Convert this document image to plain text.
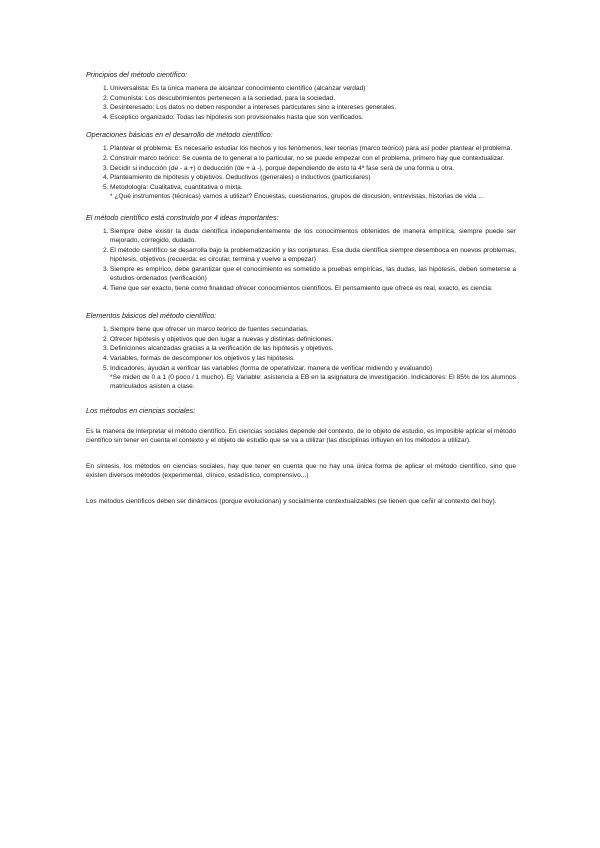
Principios del método científico:
1. Universalista: Es la única manera de alcanzar conocimiento científico (alcanzar verdad)
2. Comunista: Los descubrimientos pertenecen a la sociedad, para la sociedad.
3. Desinteresado: Los datos no deben responder a intereses particulares sino a intereses generales.
4. Escéptico organizado: Todas las hipótesis son provisionales hasta que son verificados.
Operaciones básicas en el desarrollo de método científico:
1. Plantear el problema: Es necesario estudiar los hechos y los fenómenos, leer teorías (marco teórico) para así poder plantear el problema.
2. Construir marco teórico: Se cuenta de lo general a lo particular, no se puede empezar con el problema, primero hay que contextualizar.
3. Decidir si inducción (de - a +) o deducción (de + a -), porque dependiendo de esto la 4ª fase será de una forma u otra.
4. Planteamiento de hipótesis y objetivos. Deductivos (generales) o inductivos (particulares)
5. Metodología: Cualitativa, cuantitativa o mixta.
* ¿Qué instrumentos (técnicas) vamos a utilizar? Encuestas, cuestionarios, grupos de discusión, entrevistas, historias de vida ...
El método científico está construido por 4 ideas importantes:
1. Siempre debe existir la duda científica independientemente de los conocimientos obtenidos de manera empírica, siempre puede ser mejorado, corregido, dudado.
2. El método científico se desarrolla bajo la problematización y las conjeturas. Esa duda científica siempre desemboca en nuevos problemas, hipótesis, objetivos (recuerda: es circular, termina y vuelve a empezar)
3. Siempre es empírico, debe garantizar que el conocimiento es sometido a pruebas empíricas, las dudas, las hipótesis, deben someterse a estudios ordenados (verificación)
4. Tiene que ser exacto, tiene como finalidad ofrecer conocimientos científicos. El pensamiento que ofrece es real, exacto, es ciencia.
Elementos básicos del método científico:
1. Siempre tiene que ofrecer un marco teórico de fuentes secundarias.
2. Ofrecer hipótesis y objetivos que den lugar a nuevas y distintas definiciones.
3. Definiciones alcanzadas gracias a la verificación de las hipótesis y objetivos.
4. Variables, formas de descomponer los objetivos y las hipótesis.
5. Indicadores, ayudan a verificar las variables (forma de operativizar, manera de verificar midiendo y evaluando)
*Se miden de 0 a 1 (0 poco / 1 mucho). Ej: Variable: asistencia a EB en la asignatura de investigación. Indicadores: El 85% de los alumnos matriculados asisten a clase.
Los métodos en ciencias sociales:

Es la manera de interpretar el método científico. En ciencias sociales depende del contexto, de lo objeto de estudio, es imposible aplicar el método científico sin tener en cuenta el contexto y el objeto de estudio que se va a utilizar (las disciplinas influyen en los métodos a utilizar).

En síntesis, los métodos en ciencias sociales, hay que tener en cuenta que no hay una única forma de aplicar el método científico, sino que existen diversos métodos (experimental, clínico, estadístico, comprensivo...)

Los métodos científicos deben ser dinámicos (porque evolucionan) y socialmente contextualizables (se tienen que ceñir al contexto del hoy).
